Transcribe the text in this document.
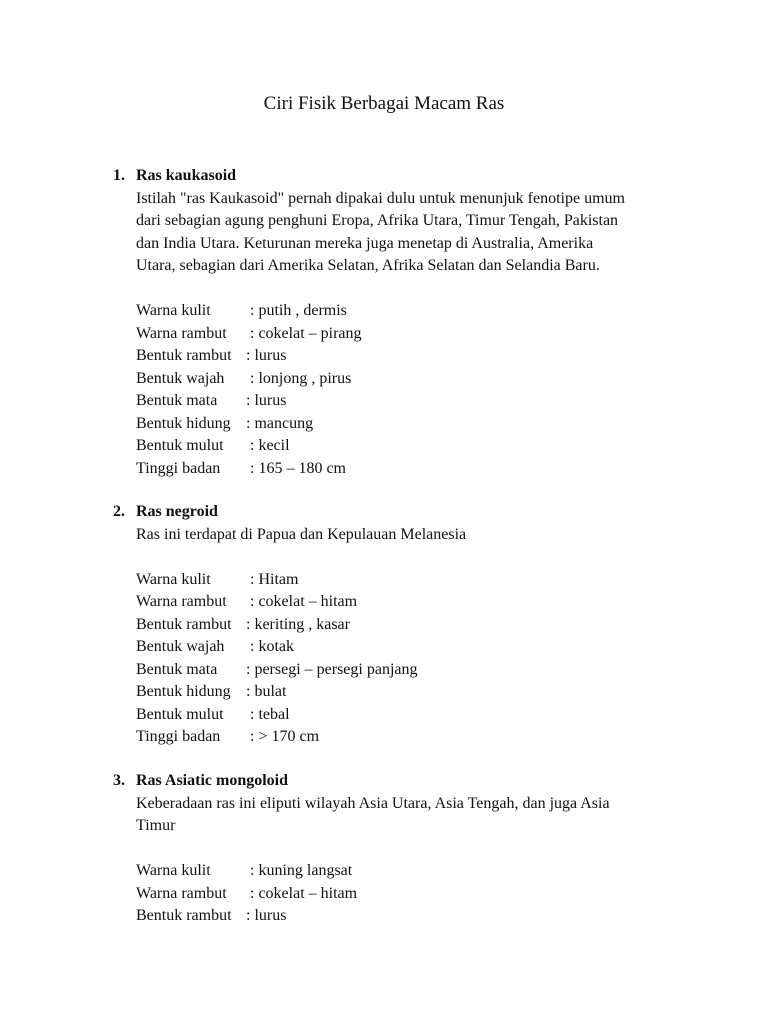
Ciri Fisik Berbagai Macam Ras
1. Ras kaukasoid
Istilah "ras Kaukasoid" pernah dipakai dulu untuk menunjuk fenotipe umum
dari sebagian agung penghuni Eropa, Afrika Utara, Timur Tengah, Pakistan
dan India Utara. Keturunan mereka juga menetap di Australia, Amerika
Utara, sebagian dari Amerika Selatan, Afrika Selatan dan Selandia Baru.
Warna kulit : putih , dermis
Warna rambut : cokelat – pirang
Bentuk rambut : lurus
Bentuk wajah : lonjong , pirus
Bentuk mata : lurus
Bentuk hidung : mancung
Bentuk mulut : kecil
Tinggi badan : 165 – 180 cm
2. Ras negroid
Ras ini terdapat di Papua dan Kepulauan Melanesia
Warna kulit : Hitam
Warna rambut : cokelat – hitam
Bentuk rambut : keriting , kasar
Bentuk wajah : kotak
Bentuk mata : persegi – persegi panjang
Bentuk hidung : bulat
Bentuk mulut : tebal
Tinggi badan : > 170 cm
3. Ras Asiatic mongoloid
Keberadaan ras ini eliputi wilayah Asia Utara, Asia Tengah, dan juga Asia
Timur
Warna kulit : kuning langsat
Warna rambut : cokelat – hitam
Bentuk rambut : lurus
